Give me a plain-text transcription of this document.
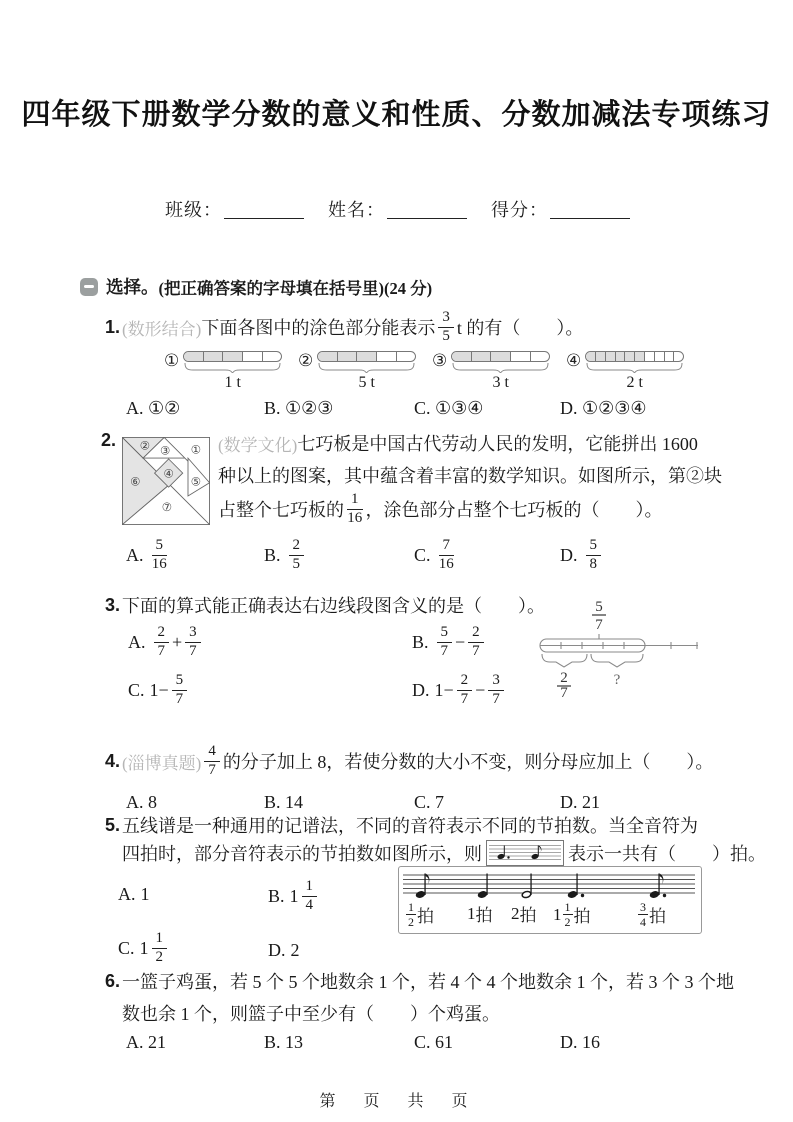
四年级下册数学分数的意义和性质、分数加减法专项练习
班级：	姓名：	得分：
选择。 (把正确答案的字母填在括号里)(24 分)
1. (数形结合) 下面各图中的涂色部分能表示 $\frac{3}{5}$ t 的有（　　）。
①
1 t
②
5 t
③
3 t
④
2 t
A. ①②	B. ①②③	C. ①③④	D. ①②③④
2.
①
② ③
④
⑤
⑥
⑦
(数学文化) 七巧板是中国古代劳动人民的发明，它能拼出 1600
种以上的图案，其中蕴含着丰富的数学知识。如图所示，第②块
占整个七巧板的 $\frac{1}{16}$ ，涂色部分占整个七巧板的（　　）。
A. $\frac{5}{16}$	B. $\frac{2}{5}$	C. $\frac{7}{16}$	D. $\frac{5}{8}$
3. 下面的算式能正确表达右边线段图含义的是（　　）。
A. $\frac{2}{7} + \frac{3}{7}$	B. $\frac{5}{7} - \frac{2}{7}$
C. $1- \frac{5}{7}$	D. $1- \frac{2}{7} - \frac{3}{7}$
5
7
2
7
?
4. (淄博真题) $\frac{4}{7}$ 的分子加上 8，若使分数的大小不变，则分母应加上（　　）。
A. 8	B. 14	C. 7	D. 21
5. 五线谱是一种通用的记谱法，不同的音符表示不同的节拍数。当全音符为
四拍时，部分音符表示的节拍数如图所示，则	表示一共有（　　）拍。
A. 1	B. $1 \frac{1}{4}$
C. $1 \frac{1}{2}$	D. 2
$\frac{1}{2}$ 拍 1 拍 2 拍 $1 \frac{1}{2}$ 拍	$\frac{3}{4}$ 拍
6. 一篮子鸡蛋，若 5 个 5 个地数余 1 个，若 4 个 4 个地数余 1 个，若 3 个 3 个地
数也余 1 个，则篮子中至少有（　　）个鸡蛋。
A. 21	B. 13	C. 61	D. 16
第　页　共　页
